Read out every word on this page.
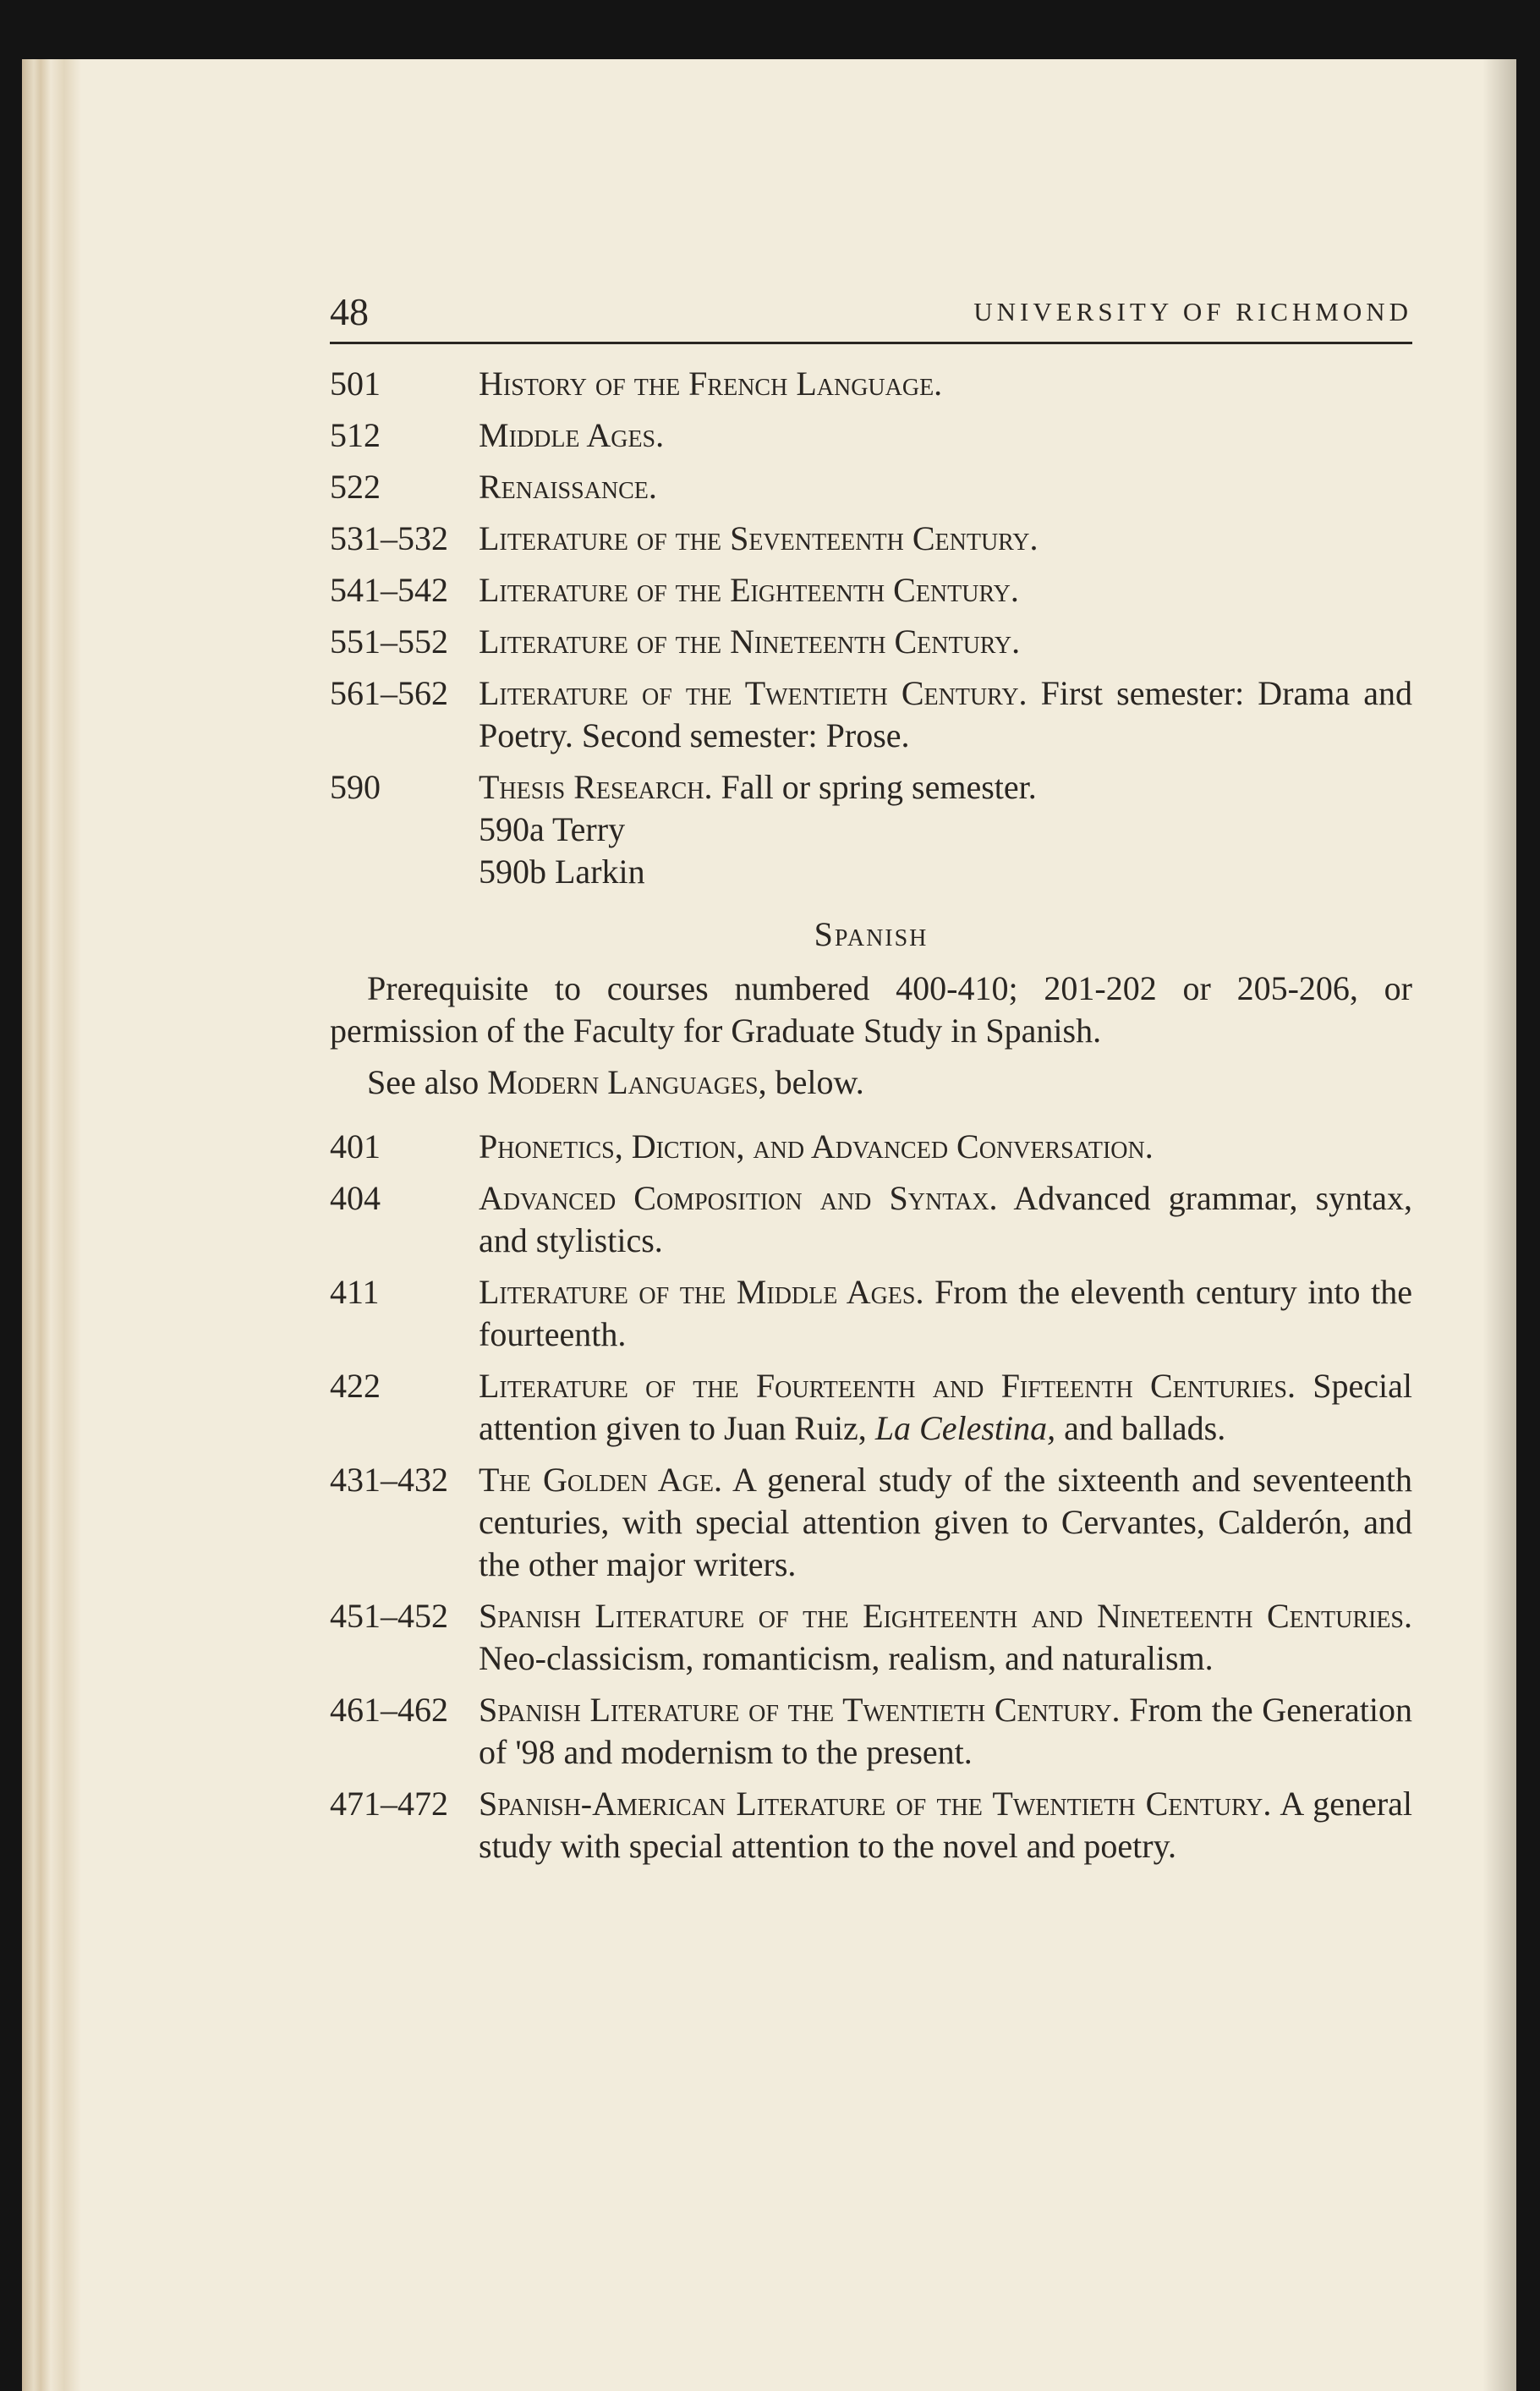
48	UNIVERSITY OF RICHMOND
501	History of the French Language.
512	Middle Ages.
522	Renaissance.
531–532 Literature of the Seventeenth Century.
541–542 Literature of the Eighteenth Century.
551–552 Literature of the Nineteenth Century.
561–562 Literature of the Twentieth Century. First semester: Drama and Poetry. Second semester: Prose.
590	Thesis Research. Fall or spring semester.
590a Terry
590b Larkin
Spanish
Prerequisite to courses numbered 400-410; 201-202 or 205-206, or permission of the Faculty for Graduate Study in Spanish.
See also Modern Languages, below.
401	Phonetics, Diction, and Advanced Conversation.
404	Advanced Composition and Syntax. Advanced grammar, syntax, and stylistics.
411	Literature of the Middle Ages. From the eleventh century into the fourteenth.
422	Literature of the Fourteenth and Fifteenth Centuries. Special attention given to Juan Ruiz, La Celestina, and ballads.
431–432 The Golden Age. A general study of the sixteenth and seventeenth centuries, with special attention given to Cervantes, Calderón, and the other major writers.
451–452 Spanish Literature of the Eighteenth and Nineteenth Centuries. Neo-classicism, romanticism, realism, and naturalism.
461–462 Spanish Literature of the Twentieth Century. From the Generation of '98 and modernism to the present.
471–472 Spanish-American Literature of the Twentieth Century. A general study with special attention to the novel and poetry.
